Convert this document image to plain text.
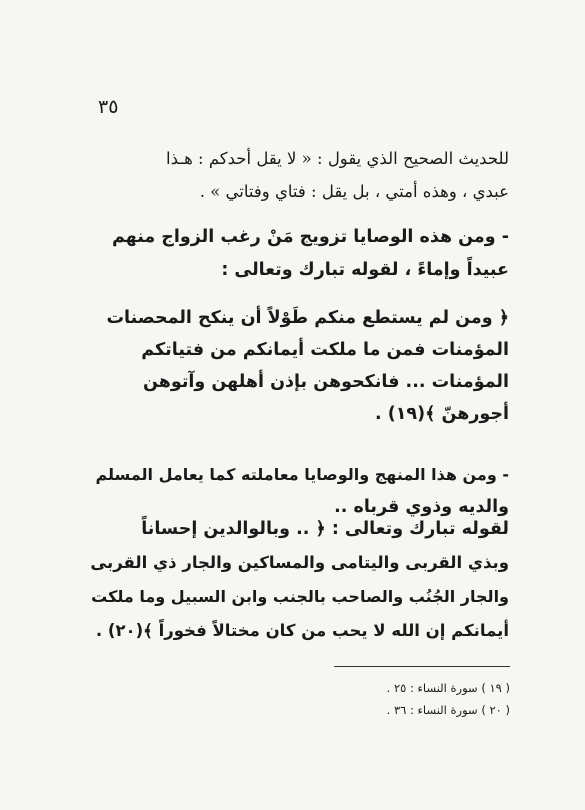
٣٥

للحديث الصحيح الذي يقول : « لا يقل أحدكم : هـذا
عبدي ، وهذه أمتي ، بل يقل : فتاي وفتاتي » .

- ومن هذه الوصايا تزويج مَنْ رغب الزواج منهم
عبيداً وإماءً ، لقوله تبارك وتعالى :

﴿ ومن لم يستطع منكم طَوْلاً أن ينكح المحصنات
المؤمنات فمن ما ملكت أيمانكم من فتياتكم
المؤمنات ... فانكحوهن بإذن أهلهن وآتوهن
أجورهنّ ﴾(١٩) .

- ومن هذا المنهج والوصايا معاملته كما يعامل المسلم
والديه وذوي قرباه ..

لقوله تبارك وتعالى : ﴿ .. وبالوالدين إحساناً
وبذي القربى واليتامى والمساكين والجار ذي القربى
والجار الجُنُب والصاحب بالجنب وابن السبيل وما ملكت
أيمانكم إن الله لا يحب من كان مختالاً فخوراً ﴾(٢٠) .

( ١٩ ) سورة النساء : ٢٥ .
( ٢٠ ) سورة النساء : ٣٦ .
